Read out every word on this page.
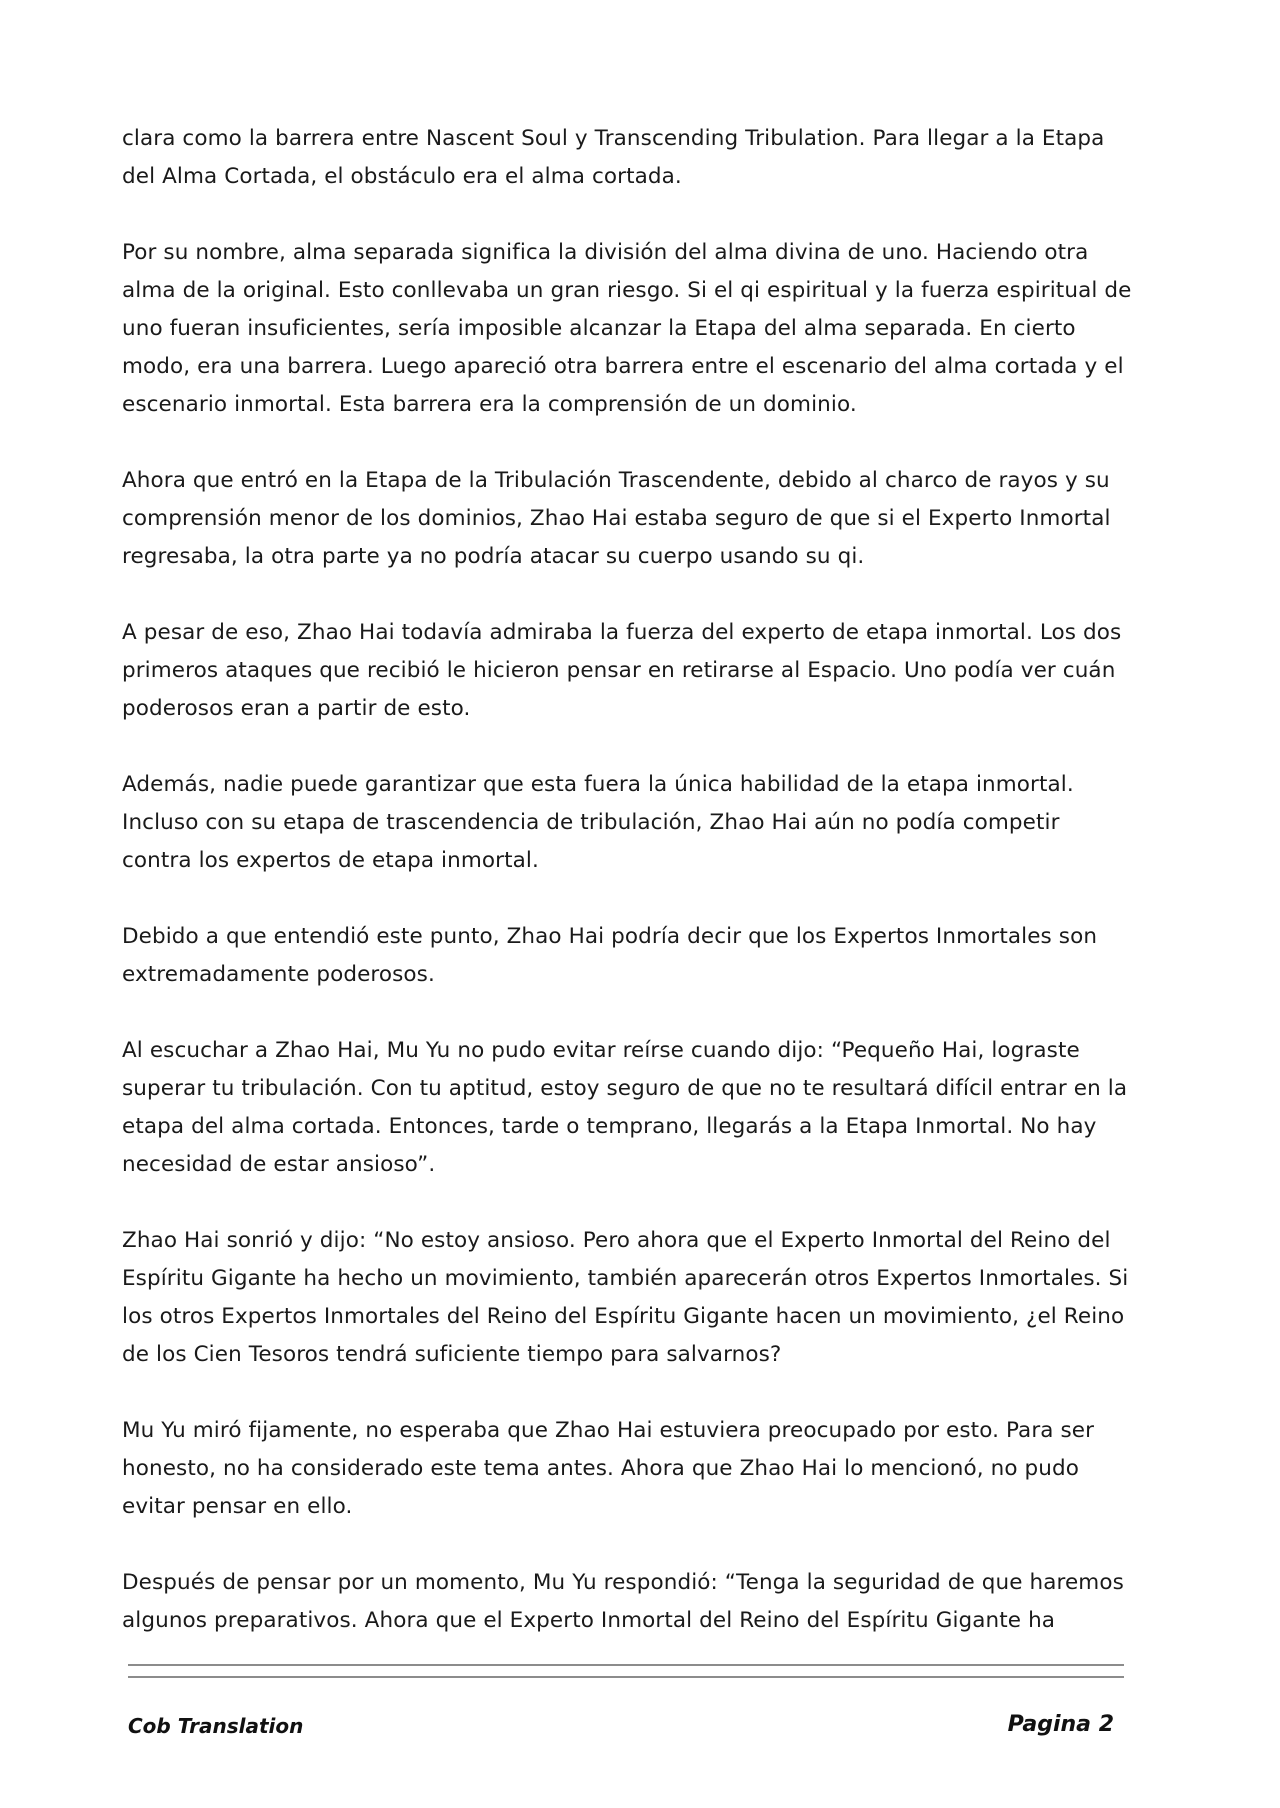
clara como la barrera entre Nascent Soul y Transcending Tribulation. Para llegar a la Etapa del Alma Cortada, el obstáculo era el alma cortada.

Por su nombre, alma separada significa la división del alma divina de uno. Haciendo otra alma de la original. Esto conllevaba un gran riesgo. Si el qi espiritual y la fuerza espiritual de uno fueran insuficientes, sería imposible alcanzar la Etapa del alma separada. En cierto modo, era una barrera. Luego apareció otra barrera entre el escenario del alma cortada y el escenario inmortal. Esta barrera era la comprensión de un dominio.

Ahora que entró en la Etapa de la Tribulación Trascendente, debido al charco de rayos y su comprensión menor de los dominios, Zhao Hai estaba seguro de que si el Experto Inmortal regresaba, la otra parte ya no podría atacar su cuerpo usando su qi.

A pesar de eso, Zhao Hai todavía admiraba la fuerza del experto de etapa inmortal. Los dos primeros ataques que recibió le hicieron pensar en retirarse al Espacio. Uno podía ver cuán poderosos eran a partir de esto.

Además, nadie puede garantizar que esta fuera la única habilidad de la etapa inmortal. Incluso con su etapa de trascendencia de tribulación, Zhao Hai aún no podía competir contra los expertos de etapa inmortal.

Debido a que entendió este punto, Zhao Hai podría decir que los Expertos Inmortales son extremadamente poderosos.

Al escuchar a Zhao Hai, Mu Yu no pudo evitar reírse cuando dijo: “Pequeño Hai, lograste superar tu tribulación. Con tu aptitud, estoy seguro de que no te resultará difícil entrar en la etapa del alma cortada. Entonces, tarde o temprano, llegarás a la Etapa Inmortal. No hay necesidad de estar ansioso”.

Zhao Hai sonrió y dijo: “No estoy ansioso. Pero ahora que el Experto Inmortal del Reino del Espíritu Gigante ha hecho un movimiento, también aparecerán otros Expertos Inmortales. Si los otros Expertos Inmortales del Reino del Espíritu Gigante hacen un movimiento, ¿el Reino de los Cien Tesoros tendrá suficiente tiempo para salvarnos?

Mu Yu miró fijamente, no esperaba que Zhao Hai estuviera preocupado por esto. Para ser honesto, no ha considerado este tema antes. Ahora que Zhao Hai lo mencionó, no pudo evitar pensar en ello.

Después de pensar por un momento, Mu Yu respondió: “Tenga la seguridad de que haremos algunos preparativos. Ahora que el Experto Inmortal del Reino del Espíritu Gigante ha

Cob Translation	Pagina 2
